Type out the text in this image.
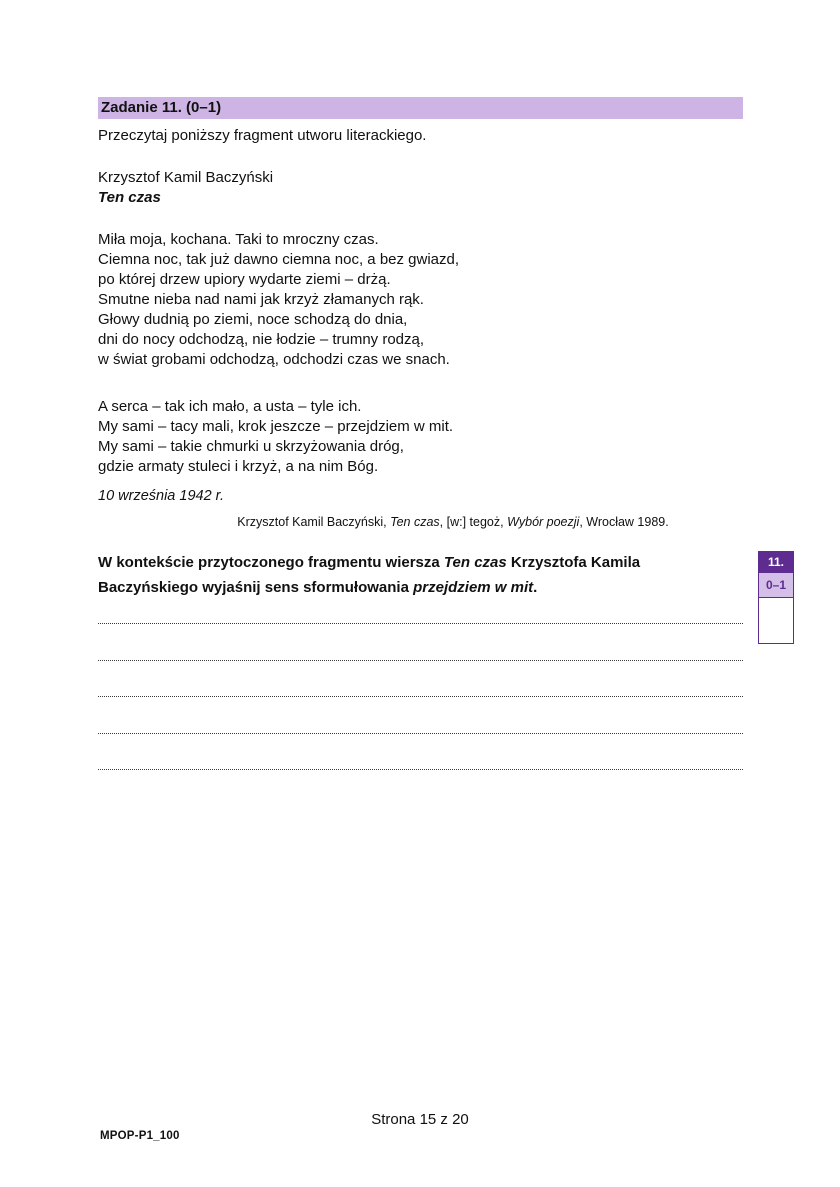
Zadanie 11. (0–1)
Przeczytaj poniższy fragment utworu literackiego.
Krzysztof Kamil Baczyński
Ten czas
Miła moja, kochana. Taki to mroczny czas.
Ciemna noc, tak już dawno ciemna noc, a bez gwiazd,
po której drzew upiory wydarte ziemi – drżą.
Smutne nieba nad nami jak krzyż złamanych rąk.
Głowy dudnią po ziemi, noce schodzą do dnia,
dni do nocy odchodzą, nie łodzie – trumny rodzą,
w świat grobami odchodzą, odchodzi czas we snach.
A serca – tak ich mało, a usta – tyle ich.
My sami – tacy mali, krok jeszcze – przejdziem w mit.
My sami – takie chmurki u skrzyżowania dróg,
gdzie armaty stuleci i krzyż, a na nim Bóg.
10 września 1942 r.
Krzysztof Kamil Baczyński, Ten czas, [w:] tegoż, Wybór poezji, Wrocław 1989.
W kontekście przytoczonego fragmentu wiersza Ten czas Krzysztofa Kamila
Baczyńskiego wyjaśnij sens sformułowania przejdziem w mit.
11.
0–1
Strona 15 z 20
MPOP-P1_100
